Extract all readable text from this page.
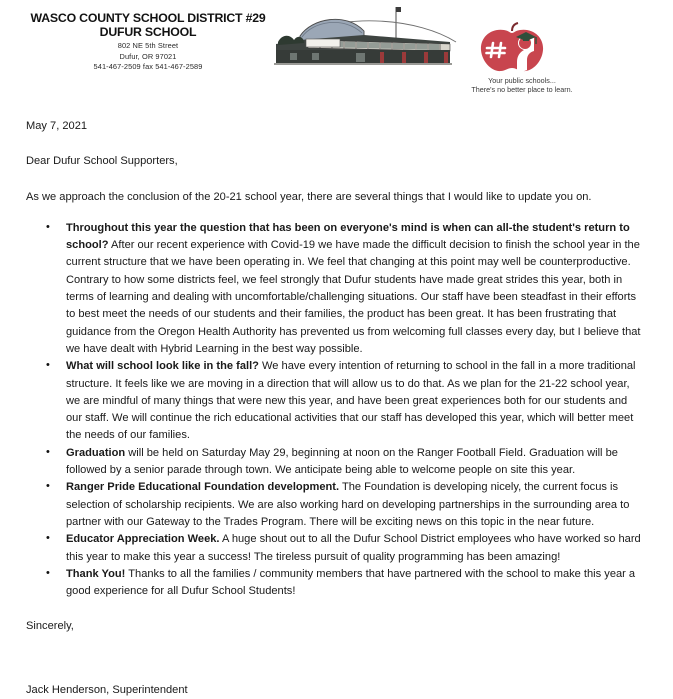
WASCO COUNTY SCHOOL DISTRICT #29
DUFUR SCHOOL
802 NE 5th Street
Dufur, OR 97021
541-467-2509 fax 541-467-2589
Your public schools...
There's no better place to learn.
May 7, 2021
Dear Dufur School Supporters,
As we approach the conclusion of the 20-21 school year, there are several things that I would like to update you on.
• Throughout this year the question that has been on everyone's mind is when can all-the student's return to school? After our recent experience with Covid-19 we have made the difficult decision to finish the school year in the current structure that we have been operating in. We feel that changing at this point may well be counterproductive. Contrary to how some districts feel, we feel strongly that Dufur students have made great strides this year, both in terms of learning and dealing with uncomfortable/challenging situations. Our staff have been steadfast in their efforts to best meet the needs of our students and their families, the product has been great. It has been frustrating that guidance from the Oregon Health Authority has prevented us from welcoming full classes every day, but I believe that we have dealt with Hybrid Learning in the best way possible.
• What will school look like in the fall? We have every intention of returning to school in the fall in a more traditional structure. It feels like we are moving in a direction that will allow us to do that. As we plan for the 21-22 school year, we are mindful of many things that were new this year, and have been great experiences both for our students and our staff. We will continue the rich educational activities that our staff has developed this year, which will better meet the needs of our families.
• Graduation will be held on Saturday May 29, beginning at noon on the Ranger Football Field. Graduation will be followed by a senior parade through town. We anticipate being able to welcome people on site this year.
• Ranger Pride Educational Foundation development. The Foundation is developing nicely, the current focus is selection of scholarship recipients. We are also working hard on developing partnerships in the surrounding area to partner with our Gateway to the Trades Program. There will be exciting news on this topic in the near future.
• Educator Appreciation Week. A huge shout out to all the Dufur School District employees who have worked so hard this year to make this year a success! The tireless pursuit of quality programming has been amazing!
• Thank You! Thanks to all the families / community members that have partnered with the school to make this year a good experience for all Dufur School Students!
Sincerely,
Jack Henderson, Superintendent
